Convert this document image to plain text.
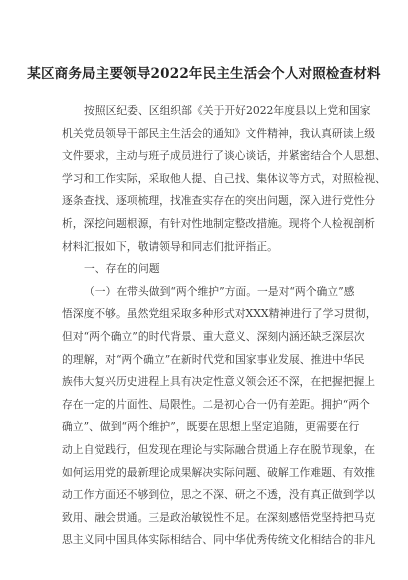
某区商务局主要领导2022年民主生活会个人对照检查材料
按照区纪委、区组织部《关于开好2022年度县以上党和国家
机关党员领导干部民主生活会的通知》文件精神，我认真研读上级
文件要求，主动与班子成员进行了谈心谈话，并紧密结合个人思想、
学习和工作实际，采取他人提、自己找、集体议等方式，对照检视、
逐条查找、逐项梳理，找准查实存在的突出问题，深入进行党性分
析，深挖问题根源，有针对性地制定整改措施。现将个人检视剖析
材料汇报如下，敬请领导和同志们批评指正。
一、存在的问题
（一）在带头做到“两个维护”方面。一是对“两个确立”感
悟深度不够。虽然党组采取多种形式对XXX精神进行了学习贯彻，
但对“两个确立”的时代背景、重大意义、深刻内涵还缺乏深层次
的理解，对“两个确立”在新时代党和国家事业发展、推进中华民
族伟大复兴历史进程上具有决定性意义领会还不深，在把握把握上
存在一定的片面性、局限性。二是初心合一仍有差距。拥护“两个
确立”、做到“两个维护”，既要在思想上坚定追随，更需要在行
动上自觉践行，但发现在理论与实际融合贯通上存在脱节现象，在
如何运用党的最新理论成果解决实际问题、破解工作难题、有效推
动工作方面还不够到位，思之不深、研之不透，没有真正做到学以
致用、融会贯通。三是政治敏锐性不足。在深刻感悟党坚持把马克
思主义同中国具体实际相结合、同中华优秀传统文化相结合的非凡
